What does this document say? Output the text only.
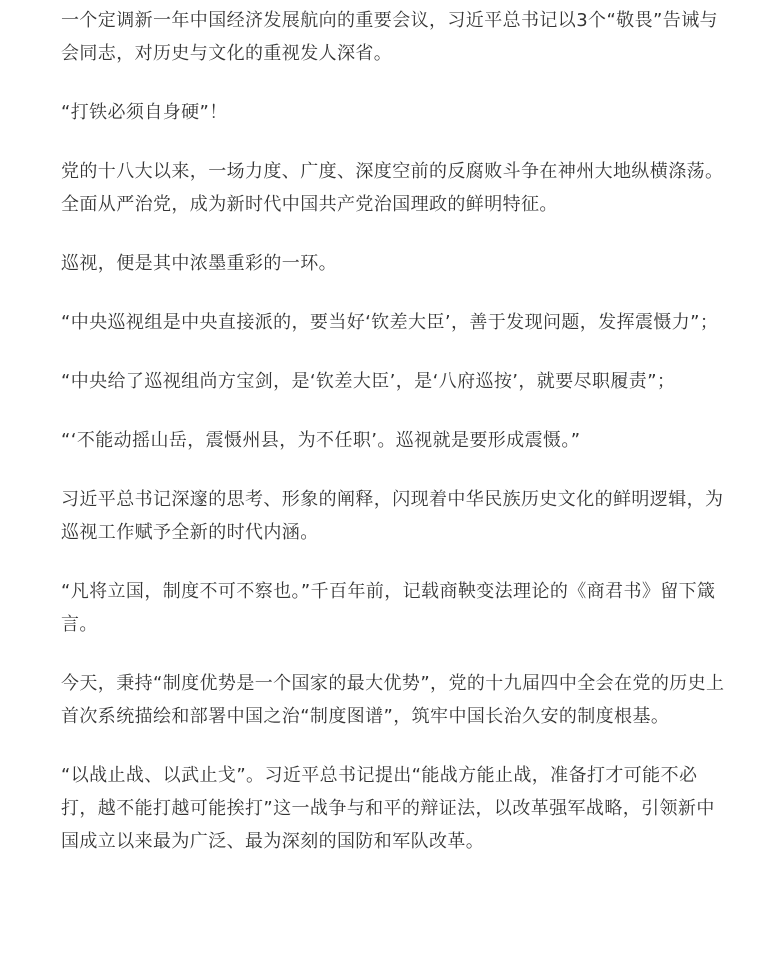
一个定调新一年中国经济发展航向的重要会议，习近平总书记以3个“敬畏”告诫与会同志，对历史与文化的重视发人深省。

“打铁必须自身硬”！

党的十八大以来，一场力度、广度、深度空前的反腐败斗争在神州大地纵横涤荡。全面从严治党，成为新时代中国共产党治国理政的鲜明特征。

巡视，便是其中浓墨重彩的一环。

“中央巡视组是中央直接派的，要当好‘钦差大臣’，善于发现问题，发挥震慑力”；

“中央给了巡视组尚方宝剑，是‘钦差大臣’，是‘八府巡按’，就要尽职履责”；

“‘不能动摇山岳，震慑州县，为不任职’。巡视就是要形成震慑。”

习近平总书记深邃的思考、形象的阐释，闪现着中华民族历史文化的鲜明逻辑，为巡视工作赋予全新的时代内涵。

“凡将立国，制度不可不察也。”千百年前，记载商鞅变法理论的《商君书》留下箴言。

今天，秉持“制度优势是一个国家的最大优势”，党的十九届四中全会在党的历史上首次系统描绘和部署中国之治“制度图谱”，筑牢中国长治久安的制度根基。

“以战止战、以武止戈”。习近平总书记提出“能战方能止战，准备打才可能不必打，越不能打越可能挨打”这一战争与和平的辩证法，以改革强军战略，引领新中国成立以来最为广泛、最为深刻的国防和军队改革。
